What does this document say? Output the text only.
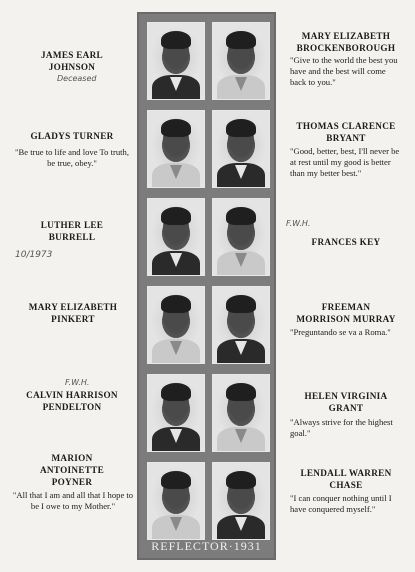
JAMES EARL
JOHNSON
Deceased
GLADYS TURNER
"Be true to life and love To truth, be true, obey."
LUTHER LEE
BURRELL
10/1973
MARY ELIZABETH
PINKERT
F.W.H.
CALVIN HARRISON
PENDELTON
MARION
ANTOINETTE
POYNER
"All that I am and all that I hope to be I owe to my Mother."
REFLECTOR·1931
MARY ELIZABETH
BROCKENBOROUGH
"Give to the world the best you have and the best will come back to you."
THOMAS CLARENCE
BRYANT
"Good, better, best, I'll never be at rest until my good is better than my better best."
F.W.H.
FRANCES KEY
FREEMAN
MORRISON MURRAY
"Preguntando se va a Roma."
HELEN VIRGINIA
GRANT
"Always strive for the highest goal."
LENDALL WARREN
CHASE
"I can conquer nothing until I have conquered myself."
